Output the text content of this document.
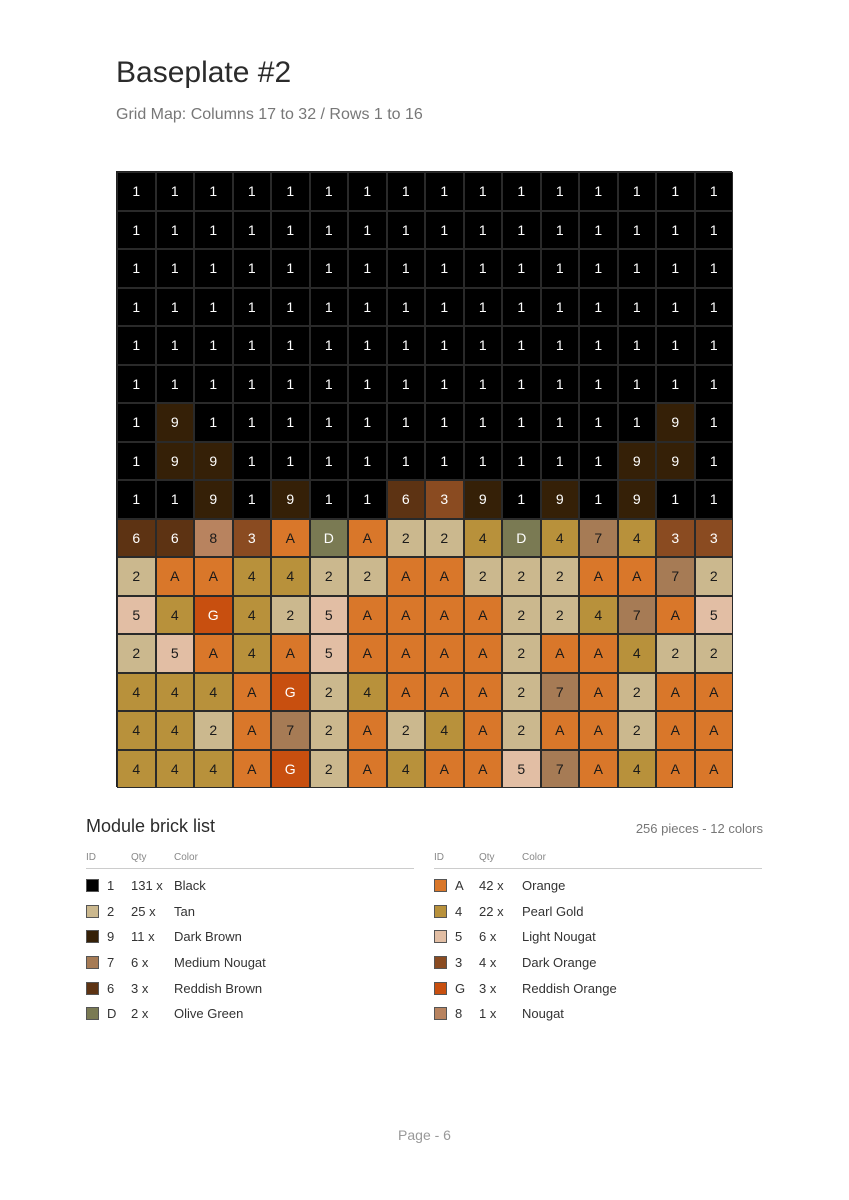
Baseplate #2
Grid Map: Columns 17 to 32 / Rows 1 to 16
1	1	1	1	1	1	1	1	1	1	1	1	1	1	1	1
1	1	1	1	1	1	1	1	1	1	1	1	1	1	1	1
1	1	1	1	1	1	1	1	1	1	1	1	1	1	1	1
1	1	1	1	1	1	1	1	1	1	1	1	1	1	1	1
1	1	1	1	1	1	1	1	1	1	1	1	1	1	1	1
1	1	1	1	1	1	1	1	1	1	1	1	1	1	1	1
1	9	1	1	1	1	1	1	1	1	1	1	1	1	9	1
1	9	9	1	1	1	1	1	1	1	1	1	1	9	9	1
1	1	9	1	9	1	1	6	3	9	1	9	1	9	1	1
6	6	8	3	A	D	A	2	2	4	D	4	7	4	3	3
2	A	A	4	4	2	2	A	A	2	2	2	A	A	7	2
5	4	G	4	2	5	A	A	A	A	2	2	4	7	A	5
2	5	A	4	A	5	A	A	A	A	2	A	A	4	2	2
4	4	4	A	G	2	4	A	A	A	2	7	A	2	A	A
4	4	2	A	7	2	A	2	4	A	2	A	A	2	A	A
4	4	4	A	G	2	A	4	A	A	5	7	A	4	A	A
Module brick list	256 pieces - 12 colors
ID	Qty	Color
1	131 x Black
2	25 x	Tan
9	11 x	Dark Brown
7	6 x	Medium Nougat
6	3 x	Reddish Brown
D	2 x	Olive Green
ID	Qty	Color
A	42 x	Orange
4	22 x	Pearl Gold
5	6 x	Light Nougat
3	4 x	Dark Orange
G	3 x	Reddish Orange
8	1 x	Nougat
Page - 6
